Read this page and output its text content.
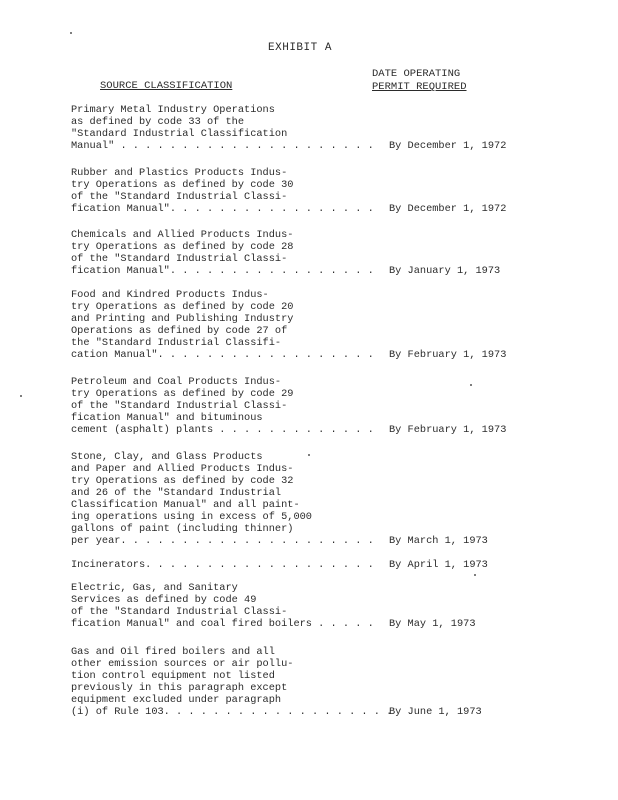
EXHIBIT A
SOURCE CLASSIFICATION
DATE OPERATING
PERMIT REQUIRED
Primary Metal Industry Operations
as defined by code 33 of the
"Standard Industrial Classification
Manual" . . . . . . . . . . . . . . . . . . . . . By December 1, 1972
Rubber and Plastics Products Indus-
try Operations as defined by code 30
of the "Standard Industrial Classi-
fication Manual". . . . . . . . . . . . . . . . . By December 1, 1972
Chemicals and Allied Products Indus-
try Operations as defined by code 28
of the "Standard Industrial Classi-
fication Manual". . . . . . . . . . . . . . . . . By January 1, 1973
Food and Kindred Products Indus-
try Operations as defined by code 20
and Printing and Publishing Industry
Operations as defined by code 27 of
the "Standard Industrial Classifi-
cation Manual". . . . . . . . . . . . . . . . . . By February 1, 1973
Petroleum and Coal Products Indus-
try Operations as defined by code 29
of the "Standard Industrial Classi-
fication Manual" and bituminous
cement (asphalt) plants . . . . . . . . . . . . . By February 1, 1973
Stone, Clay, and Glass Products
and Paper and Allied Products Indus-
try Operations as defined by code 32
and 26 of the "Standard Industrial
Classification Manual" and all paint-
ing operations using in excess of 5,000
gallons of paint (including thinner)
per year. . . . . . . . . . . . . . . . . . . . . By March 1, 1973
Incinerators. . . . . . . . . . . . . . . . . . . By April 1, 1973
Electric, Gas, and Sanitary
Services as defined by code 49
of the "Standard Industrial Classi-
fication Manual" and coal fired boilers . . . . . By May 1, 1973
Gas and Oil fired boilers and all
other emission sources or air pollu-
tion control equipment not listed
previously in this paragraph except
equipment excluded under paragraph
(i) of Rule 103. . . . . . . . . . . . . . . . . . .
By June 1, 1973
